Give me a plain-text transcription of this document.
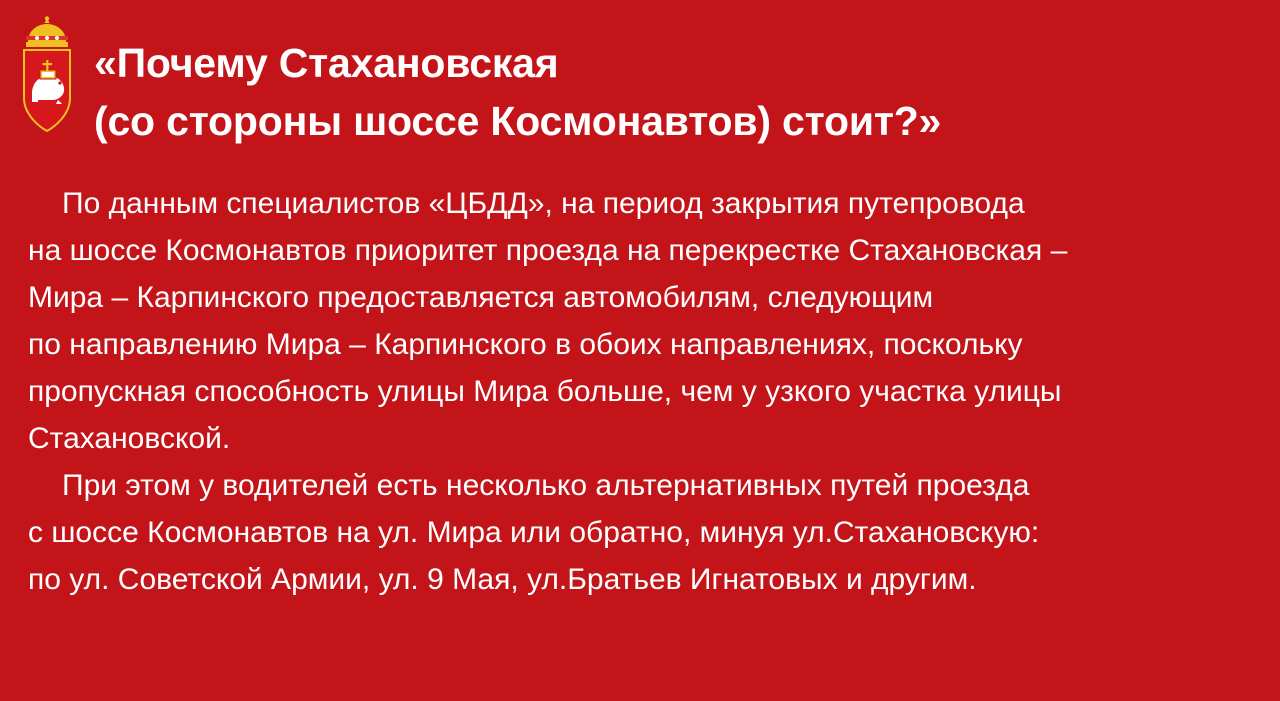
«Почему Стахановская
(со стороны шоссе Космонавтов) стоит?»
По данным специалистов «ЦБДД», на период закрытия путепровода
на шоссе Космонавтов приоритет проезда на перекрестке Стахановская –
Мира – Карпинского предоставляется автомобилям, следующим
по направлению Мира – Карпинского в обоих направлениях, поскольку
пропускная способность улицы Мира больше, чем у узкого участка улицы
Стахановской.
При этом у водителей есть несколько альтернативных путей проезда
с шоссе Космонавтов на ул. Мира или обратно, минуя ул.Стахановскую:
по ул. Советской Армии, ул. 9 Мая, ул.Братьев Игнатовых и другим.
